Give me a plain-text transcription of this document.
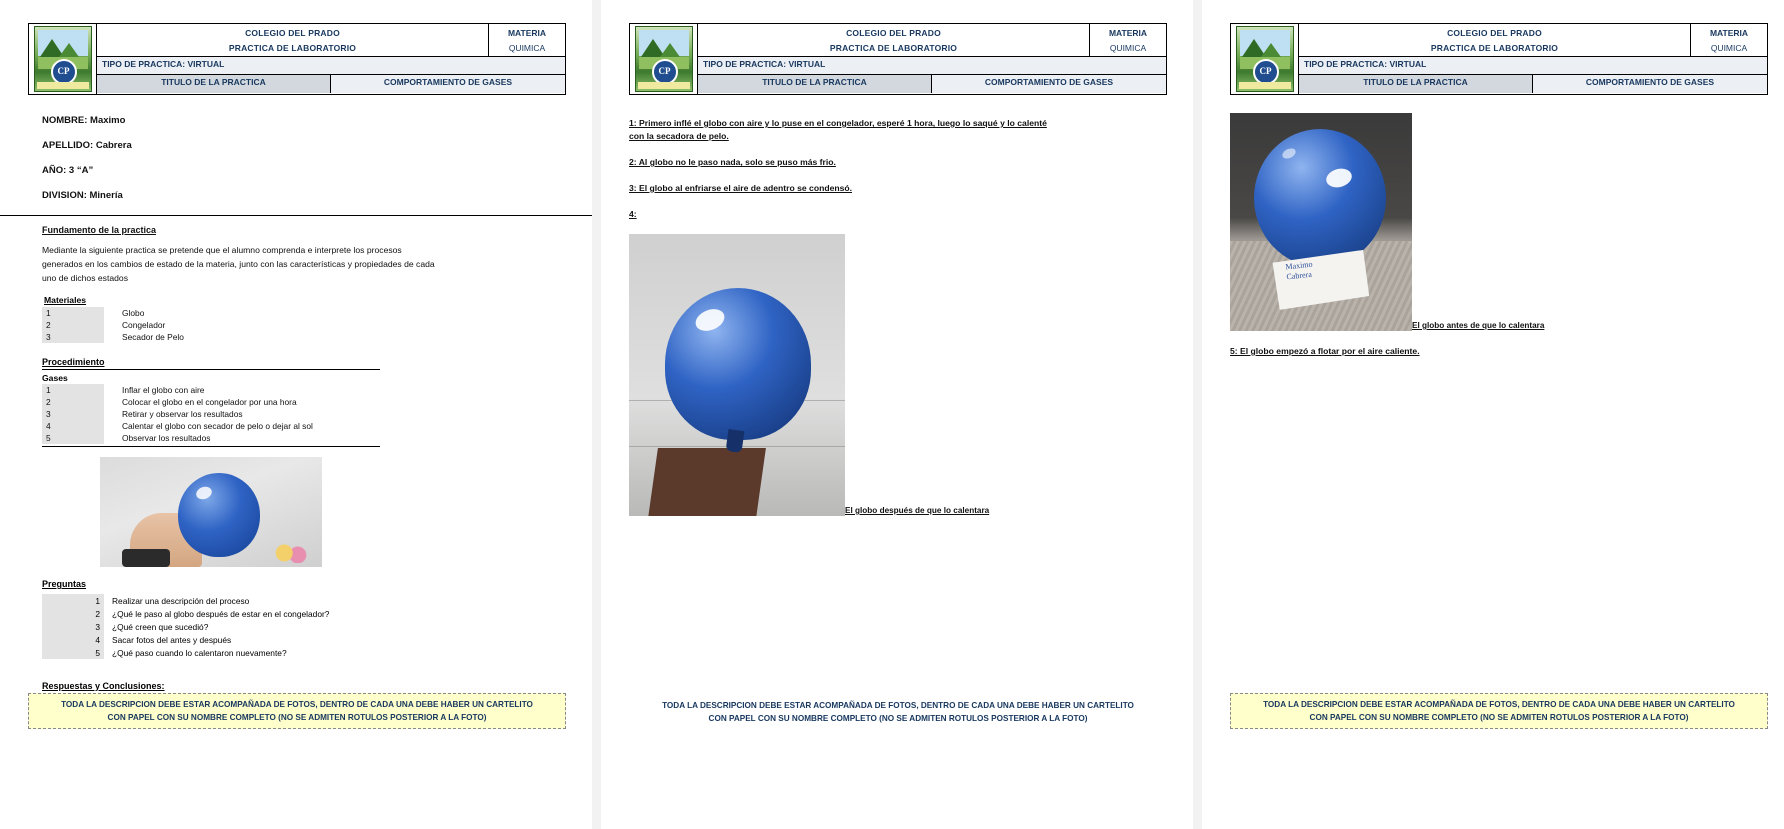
CP
COLEGIO DEL PRADO
PRACTICA DE LABORATORIO
MATERIA
QUIMICA
TIPO DE PRACTICA: VIRTUAL
TITULO DE LA PRACTICA	COMPORTAMIENTO DE GASES
NOMBRE: Maximo
APELLIDO: Cabrera
AÑO: 3 “A”
DIVISION: Minería
Fundamento de la practica
Mediante la siguiente practica se pretende que el alumno comprenda e interprete los procesos generados en los cambios de estado de la materia, junto con las características y propiedades de cada uno de dichos estados
Materiales
1		Globo
2		Congelador
3		Secador de Pelo
Procedimiento
Gases
1		Inflar el globo con aire
2		Colocar el globo en el congelador por una hora
3		Retirar y observar los resultados
4		Calentar el globo con secador de pelo o dejar al sol
5		Observar los resultados
Preguntas
1	Realizar una descripción del proceso
2	¿Qué le paso al globo después de estar en el congelador?
3	¿Qué creen que sucedió?
4	Sacar fotos del antes y después
5	¿Qué paso cuando lo calentaron nuevamente?
Respuestas y Conclusiones:
TODA LA DESCRIPCION DEBE ESTAR ACOMPAÑADA DE FOTOS, DENTRO DE CADA UNA DEBE HABER UN CARTELITO
CON PAPEL CON SU NOMBRE COMPLETO (NO SE ADMITEN ROTULOS POSTERIOR A LA FOTO)
CP
COLEGIO DEL PRADO
PRACTICA DE LABORATORIO
MATERIA
QUIMICA
TIPO DE PRACTICA: VIRTUAL
TITULO DE LA PRACTICA	COMPORTAMIENTO DE GASES
1: Primero inflé el globo con aire y lo puse en el congelador, esperé 1 hora, luego lo saqué y lo calenté con la secadora de pelo.
2: Al globo no le paso nada, solo se puso más frio.
3: El globo al enfriarse el aire de adentro se condensó.
4:
El globo después de que lo calentara
TODA LA DESCRIPCION DEBE ESTAR ACOMPAÑADA DE FOTOS, DENTRO DE CADA UNA DEBE HABER UN CARTELITO
CON PAPEL CON SU NOMBRE COMPLETO (NO SE ADMITEN ROTULOS POSTERIOR A LA FOTO)
CP
COLEGIO DEL PRADO
PRACTICA DE LABORATORIO
MATERIA
QUIMICA
TIPO DE PRACTICA: VIRTUAL
TITULO DE LA PRACTICA	COMPORTAMIENTO DE GASES
Maximo
Cabrera
El globo antes de que lo calentara
5: El globo empezó a flotar por el aire caliente.
TODA LA DESCRIPCION DEBE ESTAR ACOMPAÑADA DE FOTOS, DENTRO DE CADA UNA DEBE HABER UN CARTELITO
CON PAPEL CON SU NOMBRE COMPLETO (NO SE ADMITEN ROTULOS POSTERIOR A LA FOTO)
